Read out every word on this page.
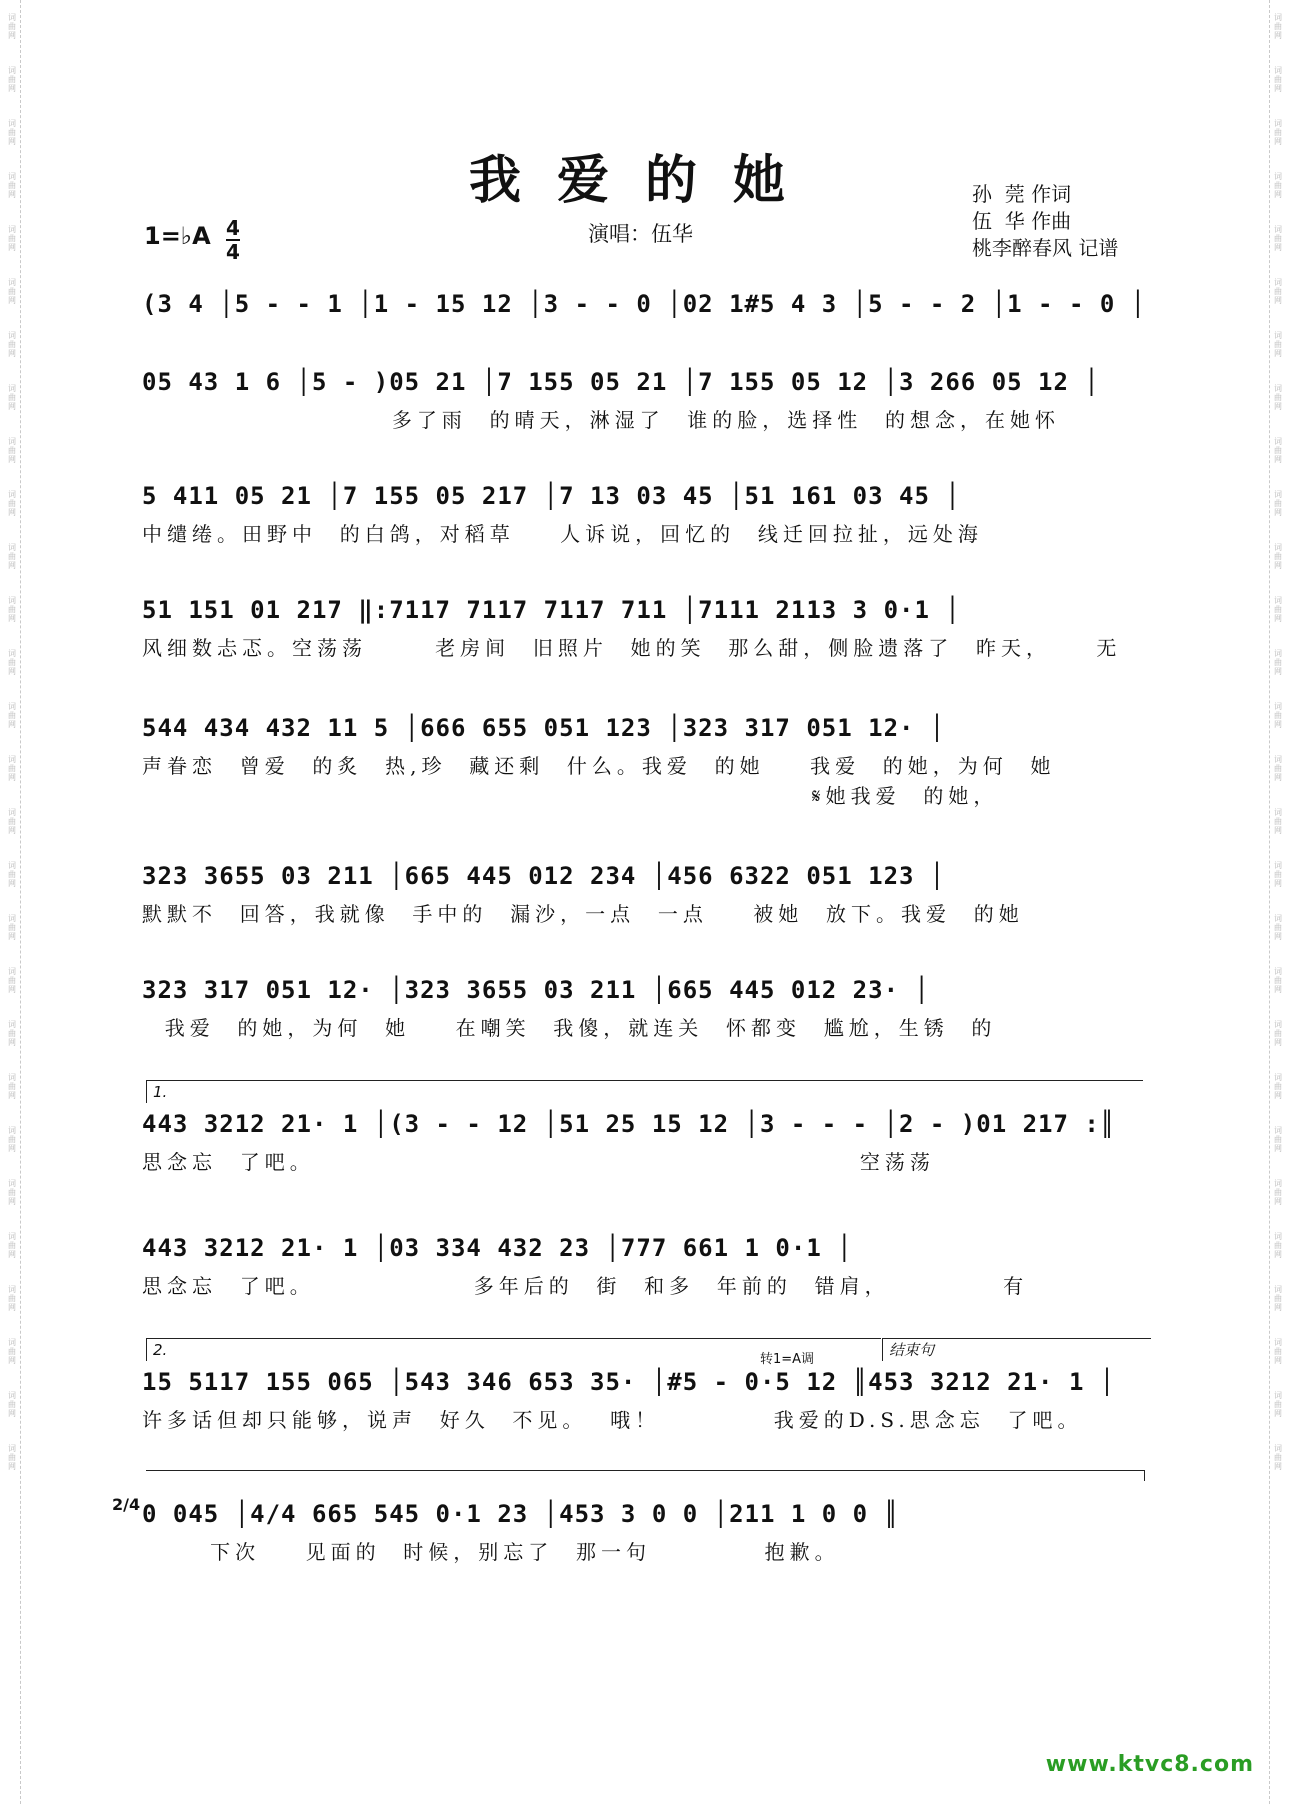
词
曲
网
词
曲
网
词
曲
网
词
曲
网
词
曲
网
词
曲
网
词
曲
网
词
曲
网
词
曲
网
词
曲
网
词
曲
网
词
曲
网
词
曲
网
词
曲
网
词
曲
网
词
曲
网
词
曲
网
词
曲
网
词
曲
网
词
曲
网
词
曲
网
词
曲
网
词
曲
网
词
曲
网
词
曲
网
词
曲
网
词
曲
网
词
曲
网
词
曲
网
词
曲
网
词
曲
网
词
曲
网
词
曲
网
词
曲
网
词
曲
网
词
曲
网
词
曲
网
词
曲
网
词
曲
网
词
曲
网
词
曲
网
词
曲
网
词
曲
网
词
曲
网
词
曲
网
词
曲
网
词
曲
网
词
曲
网
词
曲
网
词
曲
网
词
曲
网
词
曲
网
词
曲
网
词
曲
网
词
曲
网
词
曲
网
我爱的她	孙  莞 作词
伍  华 作曲
桃李醉春风 记谱
演唱：伍华
1=♭A 4
4
(3 4 │5 - - 1 │1 - 15 12 │3 - - 0 │02 1#5 4 3 │5 - - 2 │1 - - 0 │
05 43 1 6 │5 - )05 21 │7 155 05 21 │7 155 05 12 │3 266 05 12 │
多了雨  的晴天，淋湿了  谁的脸，选择性  的想念，在她怀
5 411 05 21 │7 155 05 217 │7 13 03 45 │51 161 03 45 │
中缱绻。田野中  的白鸽，对稻草    人诉说，回忆的  线迁回拉扯，远处海
51 151 01 217 ‖:7117 7117 7117 711 │7111 2113 3 0·1 │
风细数忐忑。空荡荡      老房间  旧照片  她的笑  那么甜，侧脸遗落了  昨天，    无
544 434 432 11 5 │666 655 051 123 │323 317 051 12· │
声眷恋  曾爱  的炙  热,珍  藏还剩  什么。我爱  的她    我爱  的她，为何  她
𝄋她我爱  的她，
323 3655 03 211 │665 445 012 234 │456 6322 051 123 │
默默不  回答，我就像  手中的  漏沙，一点  一点    被她  放下。我爱  的她
323 317 051 12· │323 3655 03 211 │665 445 012 23· │
我爱  的她，为何  她    在嘲笑  我傻，就连关  怀都变  尴尬，生锈  的
1.
443 3212 21· 1 │(3 - - 12 │51 25 15 12 │3 - - - │2 - )01 217 :║
思念忘  了吧。                                                空荡荡
443 3212 21· 1 │03 334 432 23 │777 661 1 0·1 │
思念忘  了吧。              多年后的  街  和多  年前的  错肩，          有
2.
转1=A调
结束句
15 5117 155 065 │543 346 653 35· │#5 - 0·5 12 ║453 3212 21· 1 │
许多话但却只能够，说声  好久  不见。  哦！          我爱的D.S.思念忘  了吧。
0 045 │4/4 665 545 0·1 23 │453 3 0 0 │211 1 0 0 ║
下次    见面的  时候，别忘了  那一句          抱歉。
2/4
www.ktvc8.com
